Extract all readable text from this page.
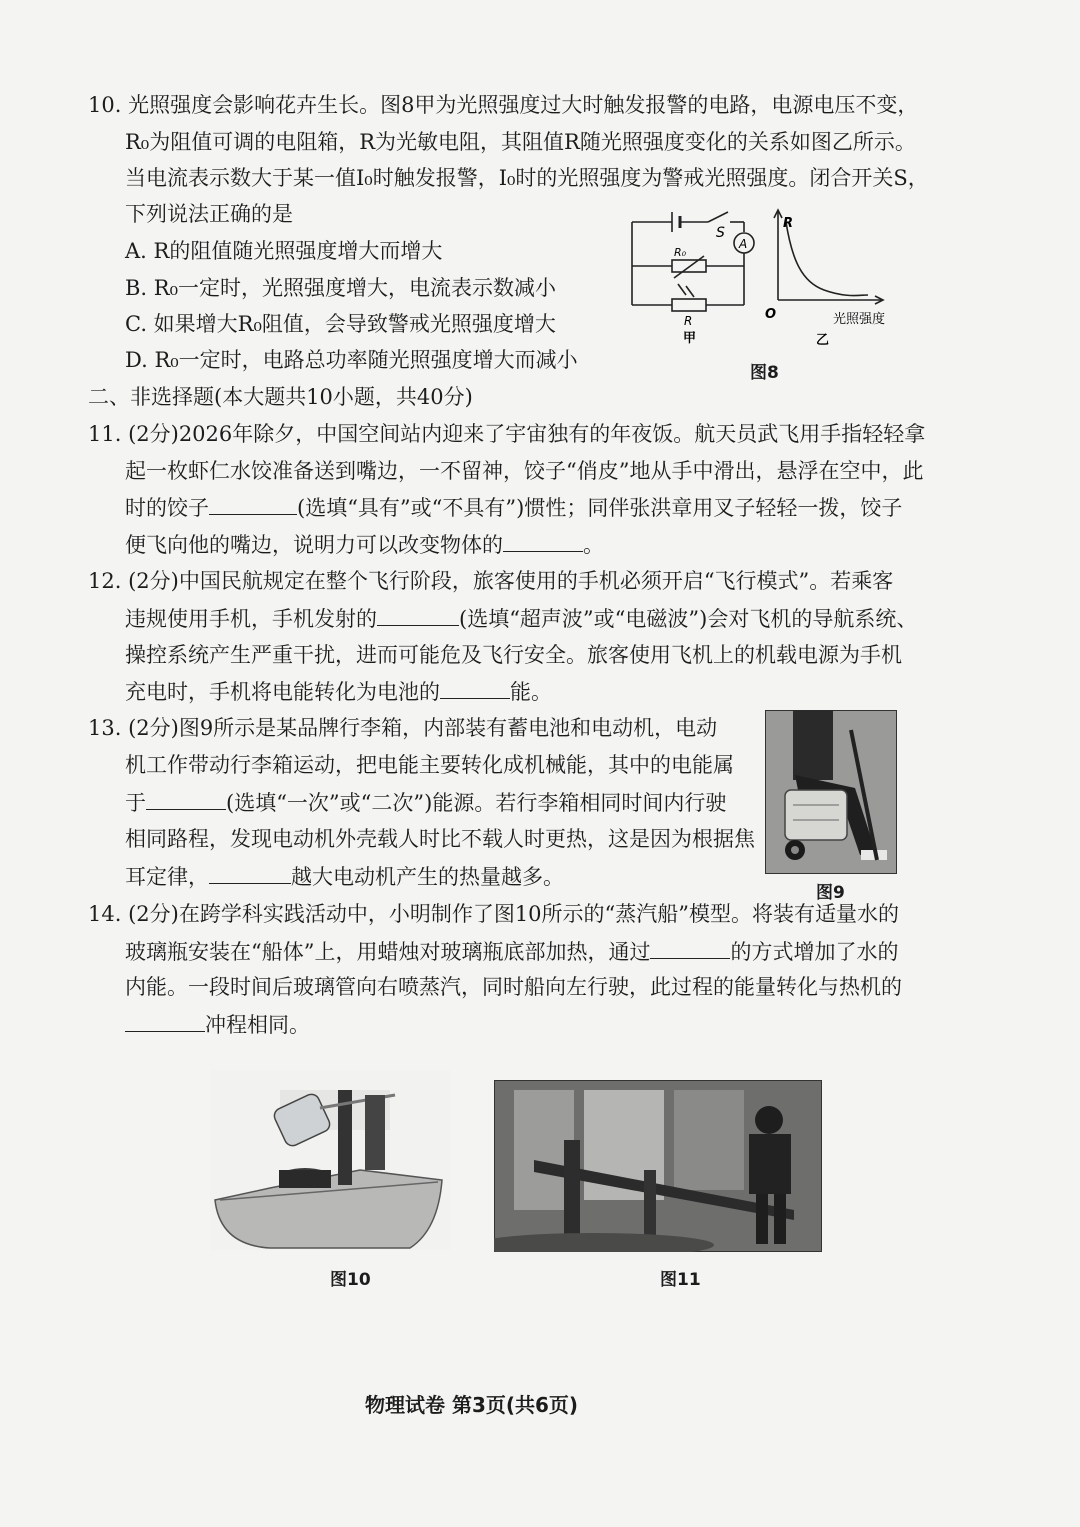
10. 光照强度会影响花卉生长。图8甲为光照强度过大时触发报警的电路，电源电压不变，
R₀为阻值可调的电阻箱，R为光敏电阻，其阻值R随光照强度变化的关系如图乙所示。
当电流表示数大于某一值I₀时触发报警，I₀时的光照强度为警戒光照强度。闭合开关S，
下列说法正确的是
A. R的阻值随光照强度增大而增大
B. R₀一定时，光照强度增大，电流表示数减小
C. 如果增大R₀阻值，会导致警戒光照强度增大
D. R₀一定时，电路总功率随光照强度增大而减小
S
A
R₀
R
甲
R
O	光照强度
乙
图8
二、非选择题(本大题共10小题，共40分)
11. (2分)2026年除夕，中国空间站内迎来了宇宙独有的年夜饭。航天员武飞用手指轻轻拿
起一枚虾仁水饺准备送到嘴边，一不留神，饺子“俏皮”地从手中滑出，悬浮在空中，此
时的饺子	(选填“具有”或“不具有”)惯性；同伴张洪章用叉子轻轻一拨，饺子
便飞向他的嘴边，说明力可以改变物体的	。
12. (2分)中国民航规定在整个飞行阶段，旅客使用的手机必须开启“飞行模式”。若乘客
违规使用手机，手机发射的	(选填“超声波”或“电磁波”)会对飞机的导航系统、
操控系统产生严重干扰，进而可能危及飞行安全。旅客使用飞机上的机载电源为手机
充电时，手机将电能转化为电池的	能。
13. (2分)图9所示是某品牌行李箱，内部装有蓄电池和电动机，电动
机工作带动行李箱运动，把电能主要转化成机械能，其中的电能属
于	(选填“一次”或“二次”)能源。若行李箱相同时间内行驶
相同路程，发现电动机外壳载人时比不载人时更热，这是因为根据焦
耳定律，	越大电动机产生的热量越多。
图9
14. (2分)在跨学科实践活动中，小明制作了图10所示的“蒸汽船”模型。将装有适量水的
玻璃瓶安装在“船体”上，用蜡烛对玻璃瓶底部加热，通过	的方式增加了水的
内能。一段时间后玻璃管向右喷蒸汽，同时船向左行驶，此过程的能量转化与热机的
冲程相同。
图10	图11
物理试卷 第3页(共6页)
